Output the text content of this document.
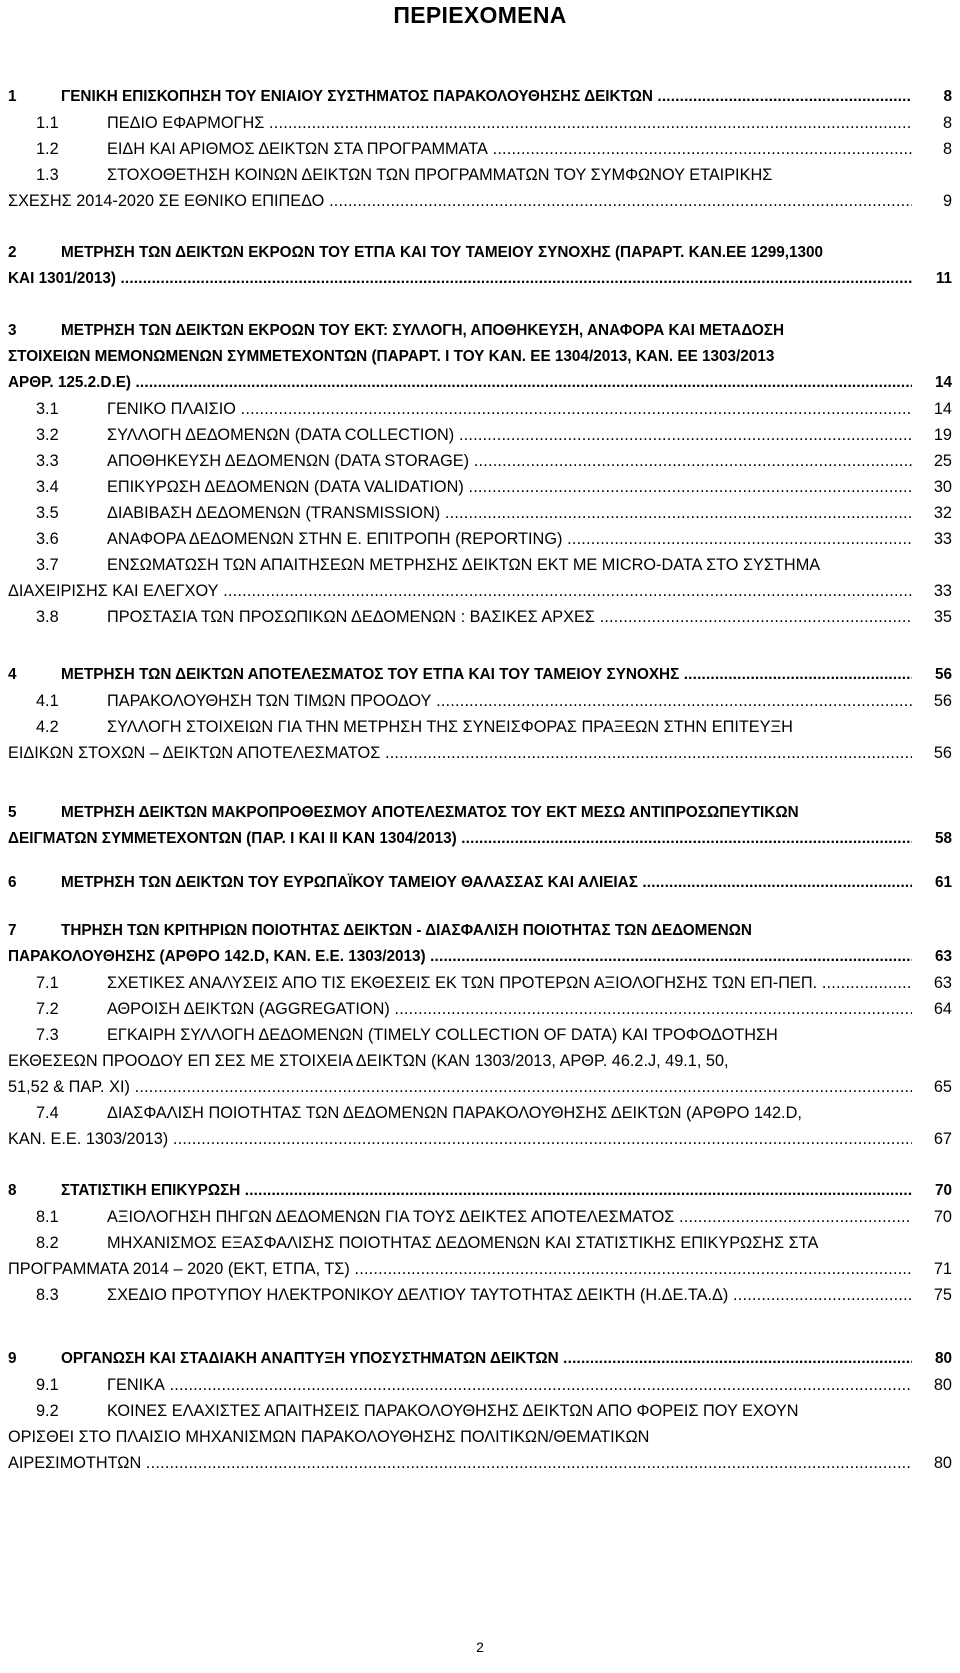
ΠΕΡΙΕΧΟΜΕΝΑ
1	ΓΕΝΙΚΗ ΕΠΙΣΚΟΠΗΣΗ ΤΟΥ ΕΝΙΑΙΟΥ ΣΥΣΤΗΜΑΤΟΣ ΠΑΡΑΚΟΛΟΥΘΗΣΗΣ ΔΕΙΚΤΩΝ .....	8
1.1	ΠΕΔΙΟ ΕΦΑΡΜΟΓΗΣ .....	8
1.2	ΕΙΔΗ ΚΑΙ ΑΡΙΘΜΟΣ ΔΕΙΚΤΩΝ ΣΤΑ ΠΡΟΓΡΑΜΜΑΤΑ .....	8
1.3	ΣΤΟΧΟΘΕΤΗΣΗ ΚΟΙΝΩΝ ΔΕΙΚΤΩΝ ΤΩΝ ΠΡΟΓΡΑΜΜΑΤΩΝ ΤΟΥ ΣΥΜΦΩΝΟΥ ΕΤΑΙΡΙΚΗΣ
ΣΧΕΣΗΣ 2014-2020 ΣΕ ΕΘΝΙΚΟ ΕΠΙΠΕΔΟ .....	9
2	ΜΕΤΡΗΣΗ ΤΩΝ ΔΕΙΚΤΩΝ ΕΚΡΟΩΝ ΤΟΥ ΕΤΠΑ ΚΑΙ ΤΟΥ ΤΑΜΕΙΟΥ ΣΥΝΟΧΗΣ (ΠΑΡΑΡΤ. ΚΑΝ.ΕΕ 1299,1300
ΚΑΙ 1301/2013) .....	11
3	ΜΕΤΡΗΣΗ ΤΩΝ ΔΕΙΚΤΩΝ ΕΚΡΟΩΝ ΤΟΥ ΕΚΤ: ΣΥΛΛΟΓΗ, ΑΠΟΘΗΚΕΥΣΗ, ΑΝΑΦΟΡΑ ΚΑΙ ΜΕΤΑΔΟΣΗ
ΣΤΟΙΧΕΙΩΝ ΜΕΜΟΝΩΜΕΝΩΝ ΣΥΜΜΕΤΕΧΟΝΤΩΝ (ΠΑΡΑΡΤ. Ι ΤΟΥ ΚΑΝ. ΕΕ 1304/2013, ΚΑΝ. ΕΕ 1303/2013
ΑΡΘΡ. 125.2.D.E) .....	14
3.1	ΓΕΝΙΚΟ ΠΛΑΙΣΙΟ .....	14
3.2	ΣΥΛΛΟΓΗ ΔΕΔΟΜΕΝΩΝ (DATA COLLECTION) .....	19
3.3	ΑΠΟΘΗΚΕΥΣΗ ΔΕΔΟΜΕΝΩΝ (DATA STORAGE) .....	25
3.4	ΕΠΙΚΥΡΩΣΗ ΔΕΔΟΜΕΝΩΝ (DATA VALIDATION) .....	30
3.5	ΔΙΑΒΙΒΑΣΗ ΔΕΔΟΜΕΝΩΝ (TRANSMISSION) .....	32
3.6	ΑΝΑΦΟΡΑ ΔΕΔΟΜΕΝΩΝ ΣΤΗΝ Ε. ΕΠΙΤΡΟΠΗ (REPORTING) .....	33
3.7	ΕΝΣΩΜΑΤΩΣΗ ΤΩΝ ΑΠΑΙΤΗΣΕΩΝ ΜΕΤΡΗΣΗΣ ΔΕΙΚΤΩΝ ΕΚΤ ΜΕ MICRO-DATA ΣΤΟ ΣΥΣΤΗΜΑ
ΔΙΑΧΕΙΡΙΣΗΣ ΚΑΙ ΕΛΕΓΧΟΥ .....	33
3.8	ΠΡΟΣΤΑΣΙΑ ΤΩΝ ΠΡΟΣΩΠΙΚΩΝ ΔΕΔΟΜΕΝΩΝ : ΒΑΣΙΚΕΣ ΑΡΧΕΣ .....	35
4	ΜΕΤΡΗΣΗ ΤΩΝ ΔΕΙΚΤΩΝ ΑΠΟΤΕΛΕΣΜΑΤΟΣ ΤΟΥ ΕΤΠΑ ΚΑΙ ΤΟΥ ΤΑΜΕΙΟΥ ΣΥΝΟΧΗΣ .....	56
4.1	ΠΑΡΑΚΟΛΟΥΘΗΣΗ ΤΩΝ ΤΙΜΩΝ ΠΡΟΟΔΟΥ .....	56
4.2	ΣΥΛΛΟΓΗ ΣΤΟΙΧΕΙΩΝ ΓΙΑ ΤΗΝ ΜΕΤΡΗΣΗ ΤΗΣ ΣΥΝΕΙΣΦΟΡΑΣ ΠΡΑΞΕΩΝ ΣΤΗΝ ΕΠΙΤΕΥΞΗ
ΕΙΔΙΚΩΝ ΣΤΟΧΩΝ – ΔΕΙΚΤΩΝ ΑΠΟΤΕΛΕΣΜΑΤΟΣ .....	56
5	ΜΕΤΡΗΣΗ ΔΕΙΚΤΩΝ ΜΑΚΡΟΠΡΟΘΕΣΜΟΥ ΑΠΟΤΕΛΕΣΜΑΤΟΣ ΤΟΥ ΕΚΤ ΜΕΣΩ ΑΝΤΙΠΡΟΣΩΠΕΥΤΙΚΩΝ
ΔΕΙΓΜΑΤΩΝ ΣΥΜΜΕΤΕΧΟΝΤΩΝ (ΠΑΡ. Ι ΚΑΙ ΙΙ ΚΑΝ 1304/2013) .....	58
6	ΜΕΤΡΗΣΗ ΤΩΝ ΔΕΙΚΤΩΝ ΤΟΥ ΕΥΡΩΠΑΪΚΟΥ ΤΑΜΕΙΟΥ ΘΑΛΑΣΣΑΣ ΚΑΙ ΑΛΙΕΙΑΣ .....	61
7	ΤΗΡΗΣΗ ΤΩΝ ΚΡΙΤΗΡΙΩΝ ΠΟΙΟΤΗΤΑΣ ΔΕΙΚΤΩΝ - ΔΙΑΣΦΑΛΙΣΗ ΠΟΙΟΤΗΤΑΣ ΤΩΝ ΔΕΔΟΜΕΝΩΝ
ΠΑΡΑΚΟΛΟΥΘΗΣΗΣ (ΑΡΘΡΟ 142.D, ΚΑΝ. Ε.Ε. 1303/2013) .....	63
7.1	ΣΧΕΤΙΚΕΣ ΑΝΑΛΥΣΕΙΣ ΑΠΟ ΤΙΣ ΕΚΘΕΣΕΙΣ ΕΚ ΤΩΝ ΠΡΟΤΕΡΩΝ ΑΞΙΟΛΟΓΗΣΗΣ ΤΩΝ ΕΠ-ΠΕΠ. .....	63
7.2	ΑΘΡΟΙΣΗ ΔΕΙΚΤΩΝ (AGGREGATION) .....	64
7.3	ΕΓΚΑΙΡΗ ΣΥΛΛΟΓΗ ΔΕΔΟΜΕΝΩΝ (TIMELY COLLECTION OF DATA) ΚΑΙ ΤΡΟΦΟΔΟΤΗΣΗ
ΕΚΘΕΣΕΩΝ ΠΡΟΟΔΟΥ ΕΠ ΣΕΣ ΜΕ ΣΤΟΙΧΕΙΑ ΔΕΙΚΤΩΝ (ΚΑΝ 1303/2013, ΑΡΘΡ. 46.2.J, 49.1, 50,
51,52 & ΠΑΡ. XI) .....	65
7.4	ΔΙΑΣΦΑΛΙΣΗ ΠΟΙΟΤΗΤΑΣ ΤΩΝ ΔΕΔΟΜΕΝΩΝ ΠΑΡΑΚΟΛΟΥΘΗΣΗΣ ΔΕΙΚΤΩΝ (ΑΡΘΡΟ 142.D,
ΚΑΝ. Ε.Ε. 1303/2013) .....	67
8	ΣΤΑΤΙΣΤΙΚΗ ΕΠΙΚΥΡΩΣΗ .....	70
8.1	ΑΞΙΟΛΟΓΗΣΗ ΠΗΓΩΝ ΔΕΔΟΜΕΝΩΝ ΓΙΑ ΤΟΥΣ ΔΕΙΚΤΕΣ ΑΠΟΤΕΛΕΣΜΑΤΟΣ .....	70
8.2	ΜΗΧΑΝΙΣΜΟΣ ΕΞΑΣΦΑΛΙΣΗΣ ΠΟΙΟΤΗΤΑΣ ΔΕΔΟΜΕΝΩΝ ΚΑΙ ΣΤΑΤΙΣΤΙΚΗΣ ΕΠΙΚΥΡΩΣΗΣ ΣΤΑ
ΠΡΟΓΡΑΜΜΑΤΑ 2014 – 2020 (ΕΚΤ, ΕΤΠΑ, ΤΣ) .....	71
8.3	ΣΧΕΔΙΟ ΠΡΟΤΥΠΟΥ ΗΛΕΚΤΡΟΝΙΚΟΥ ΔΕΛΤΙΟΥ ΤΑΥΤΟΤΗΤΑΣ ΔΕΙΚΤΗ (Η.ΔΕ.ΤΑ.Δ) .....	75
9	ΟΡΓΑΝΩΣΗ ΚΑΙ ΣΤΑΔΙΑΚΗ ΑΝΑΠΤΥΞΗ ΥΠΟΣΥΣΤΗΜΑΤΩΝ ΔΕΙΚΤΩΝ .....	80
9.1	ΓΕΝΙΚΑ .....	80
9.2	ΚΟΙΝΕΣ ΕΛΑΧΙΣΤΕΣ ΑΠΑΙΤΗΣΕΙΣ ΠΑΡΑΚΟΛΟΥΘΗΣΗΣ ΔΕΙΚΤΩΝ ΑΠΟ ΦΟΡΕΙΣ ΠΟΥ ΕΧΟΥΝ
ΟΡΙΣΘΕΙ ΣΤΟ ΠΛΑΙΣΙΟ ΜΗΧΑΝΙΣΜΩΝ ΠΑΡΑΚΟΛΟΥΘΗΣΗΣ ΠΟΛΙΤΙΚΩΝ/ΘΕΜΑΤΙΚΩΝ
ΑΙΡΕΣΙΜΟΤΗΤΩΝ .....	80
2
